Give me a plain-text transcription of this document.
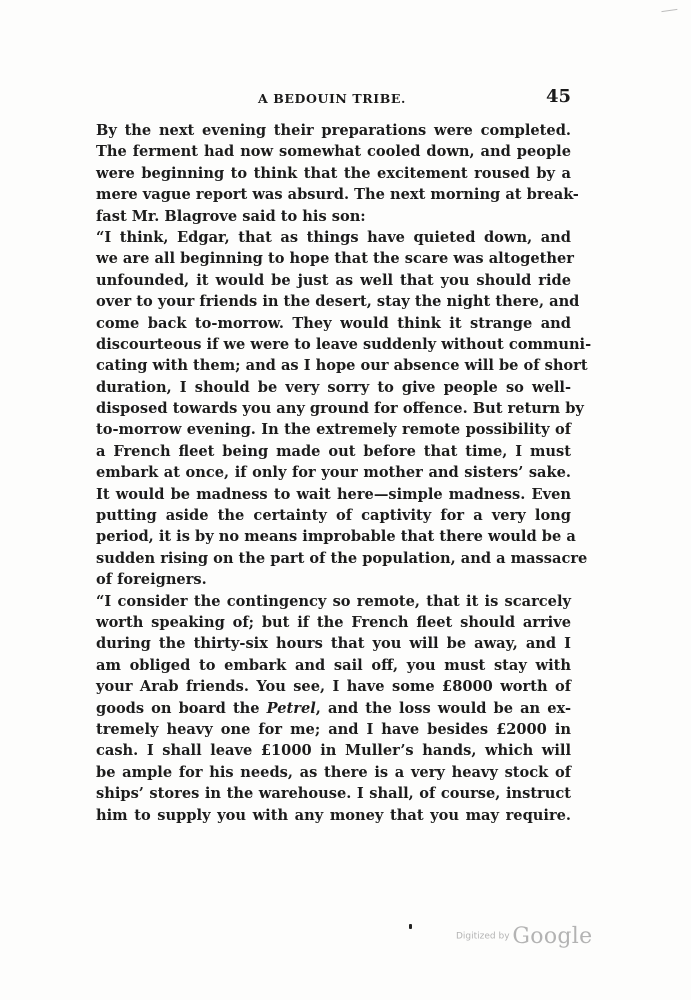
A BEDOUIN TRIBE.	45
By the next evening their preparations were completed.
The ferment had now somewhat cooled down, and people
were beginning to think that the excitement roused by a
mere vague report was absurd. The next morning at break-
fast Mr. Blagrove said to his son:
“I think, Edgar, that as things have quieted down, and
we are all beginning to hope that the scare was altogether
unfounded, it would be just as well that you should ride
over to your friends in the desert, stay the night there, and
come back to-morrow. They would think it strange and
discourteous if we were to leave suddenly without communi-
cating with them; and as I hope our absence will be of short
duration, I should be very sorry to give people so well-
disposed towards you any ground for offence. But return by
to-morrow evening. In the extremely remote possibility of
a French fleet being made out before that time, I must
embark at once, if only for your mother and sisters’ sake.
It would be madness to wait here—simple madness. Even
putting aside the certainty of captivity for a very long
period, it is by no means improbable that there would be a
sudden rising on the part of the population, and a massacre
of foreigners.
“I consider the contingency so remote, that it is scarcely
worth speaking of; but if the French fleet should arrive
during the thirty-six hours that you will be away, and I
am obliged to embark and sail off, you must stay with
your Arab friends. You see, I have some £8000 worth of
goods on board the Petrel, and the loss would be an ex-
tremely heavy one for me; and I have besides £2000 in
cash. I shall leave £1000 in Muller’s hands, which will
be ample for his needs, as there is a very heavy stock of
ships’ stores in the warehouse. I shall, of course, instruct
him to supply you with any money that you may require.
Digitized by Google
